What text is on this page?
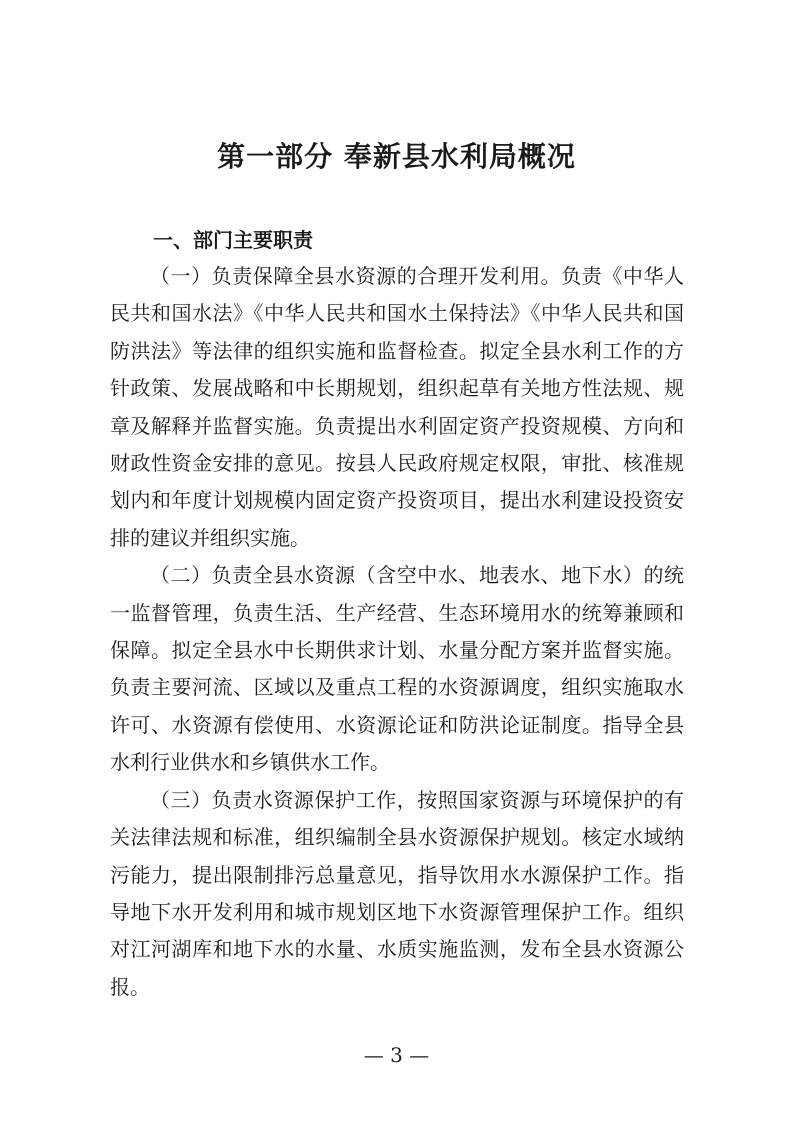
第一部分 奉新县水利局概况
一、部门主要职责

（一）负责保障全县水资源的合理开发利用。负责《中华人民共和国水法》《中华人民共和国水土保持法》《中华人民共和国防洪法》等法律的组织实施和监督检查。拟定全县水利工作的方针政策、发展战略和中长期规划，组织起草有关地方性法规、规章及解释并监督实施。负责提出水利固定资产投资规模、方向和财政性资金安排的意见。按县人民政府规定权限，审批、核准规划内和年度计划规模内固定资产投资项目，提出水利建设投资安排的建议并组织实施。

（二）负责全县水资源（含空中水、地表水、地下水）的统一监督管理，负责生活、生产经营、生态环境用水的统筹兼顾和保障。拟定全县水中长期供求计划、水量分配方案并监督实施。负责主要河流、区域以及重点工程的水资源调度，组织实施取水许可、水资源有偿使用、水资源论证和防洪论证制度。指导全县水利行业供水和乡镇供水工作。

（三）负责水资源保护工作，按照国家资源与环境保护的有关法律法规和标准，组织编制全县水资源保护规划。核定水域纳污能力，提出限制排污总量意见，指导饮用水水源保护工作。指导地下水开发利用和城市规划区地下水资源管理保护工作。组织对江河湖库和地下水的水量、水质实施监测，发布全县水资源公报。

— 3 —
